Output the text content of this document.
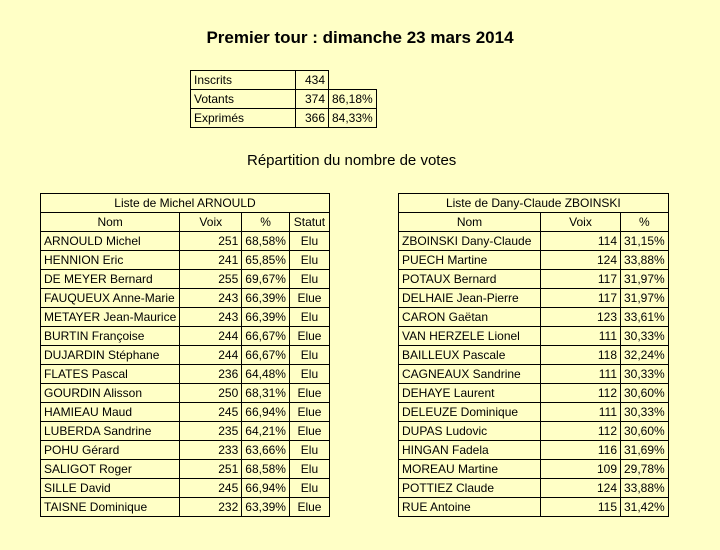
Premier tour : dimanche 23 mars 2014
Inscrits	434	
Votants	374	86,18%
Exprimés	366	84,33%
Répartition du nombre de votes
Liste de Michel ARNOULD			
Nom	Voix	%	Statut
ARNOULD Michel	251	68,58%	Elu
HENNION Eric	241	65,85%	Elu
DE MEYER Bernard	255	69,67%	Elu
FAUQUEUX Anne-Marie	243	66,39%	Elue
METAYER Jean-Maurice	243	66,39%	Elu
BURTIN Françoise	244	66,67%	Elue
DUJARDIN Stéphane	244	66,67%	Elu
FLATES Pascal	236	64,48%	Elu
GOURDIN Alisson	250	68,31%	Elue
HAMIEAU Maud	245	66,94%	Elue
LUBERDA Sandrine	235	64,21%	Elue
POHU Gérard	233	63,66%	Elu
SALIGOT Roger	251	68,58%	Elu
SILLE David	245	66,94%	Elu
TAISNE Dominique	232	63,39%	Elue
Liste de Dany-Claude ZBOINSKI		
Nom	Voix	%
ZBOINSKI Dany-Claude	114	31,15%
PUECH Martine	124	33,88%
POTAUX Bernard	117	31,97%
DELHAIE Jean-Pierre	117	31,97%
CARON Gaëtan	123	33,61%
VAN HERZELE Lionel	111	30,33%
BAILLEUX Pascale	118	32,24%
CAGNEAUX Sandrine	111	30,33%
DEHAYE Laurent	112	30,60%
DELEUZE Dominique	111	30,33%
DUPAS Ludovic	112	30,60%
HINGAN Fadela	116	31,69%
MOREAU Martine	109	29,78%
POTTIEZ Claude	124	33,88%
RUE Antoine	115	31,42%
